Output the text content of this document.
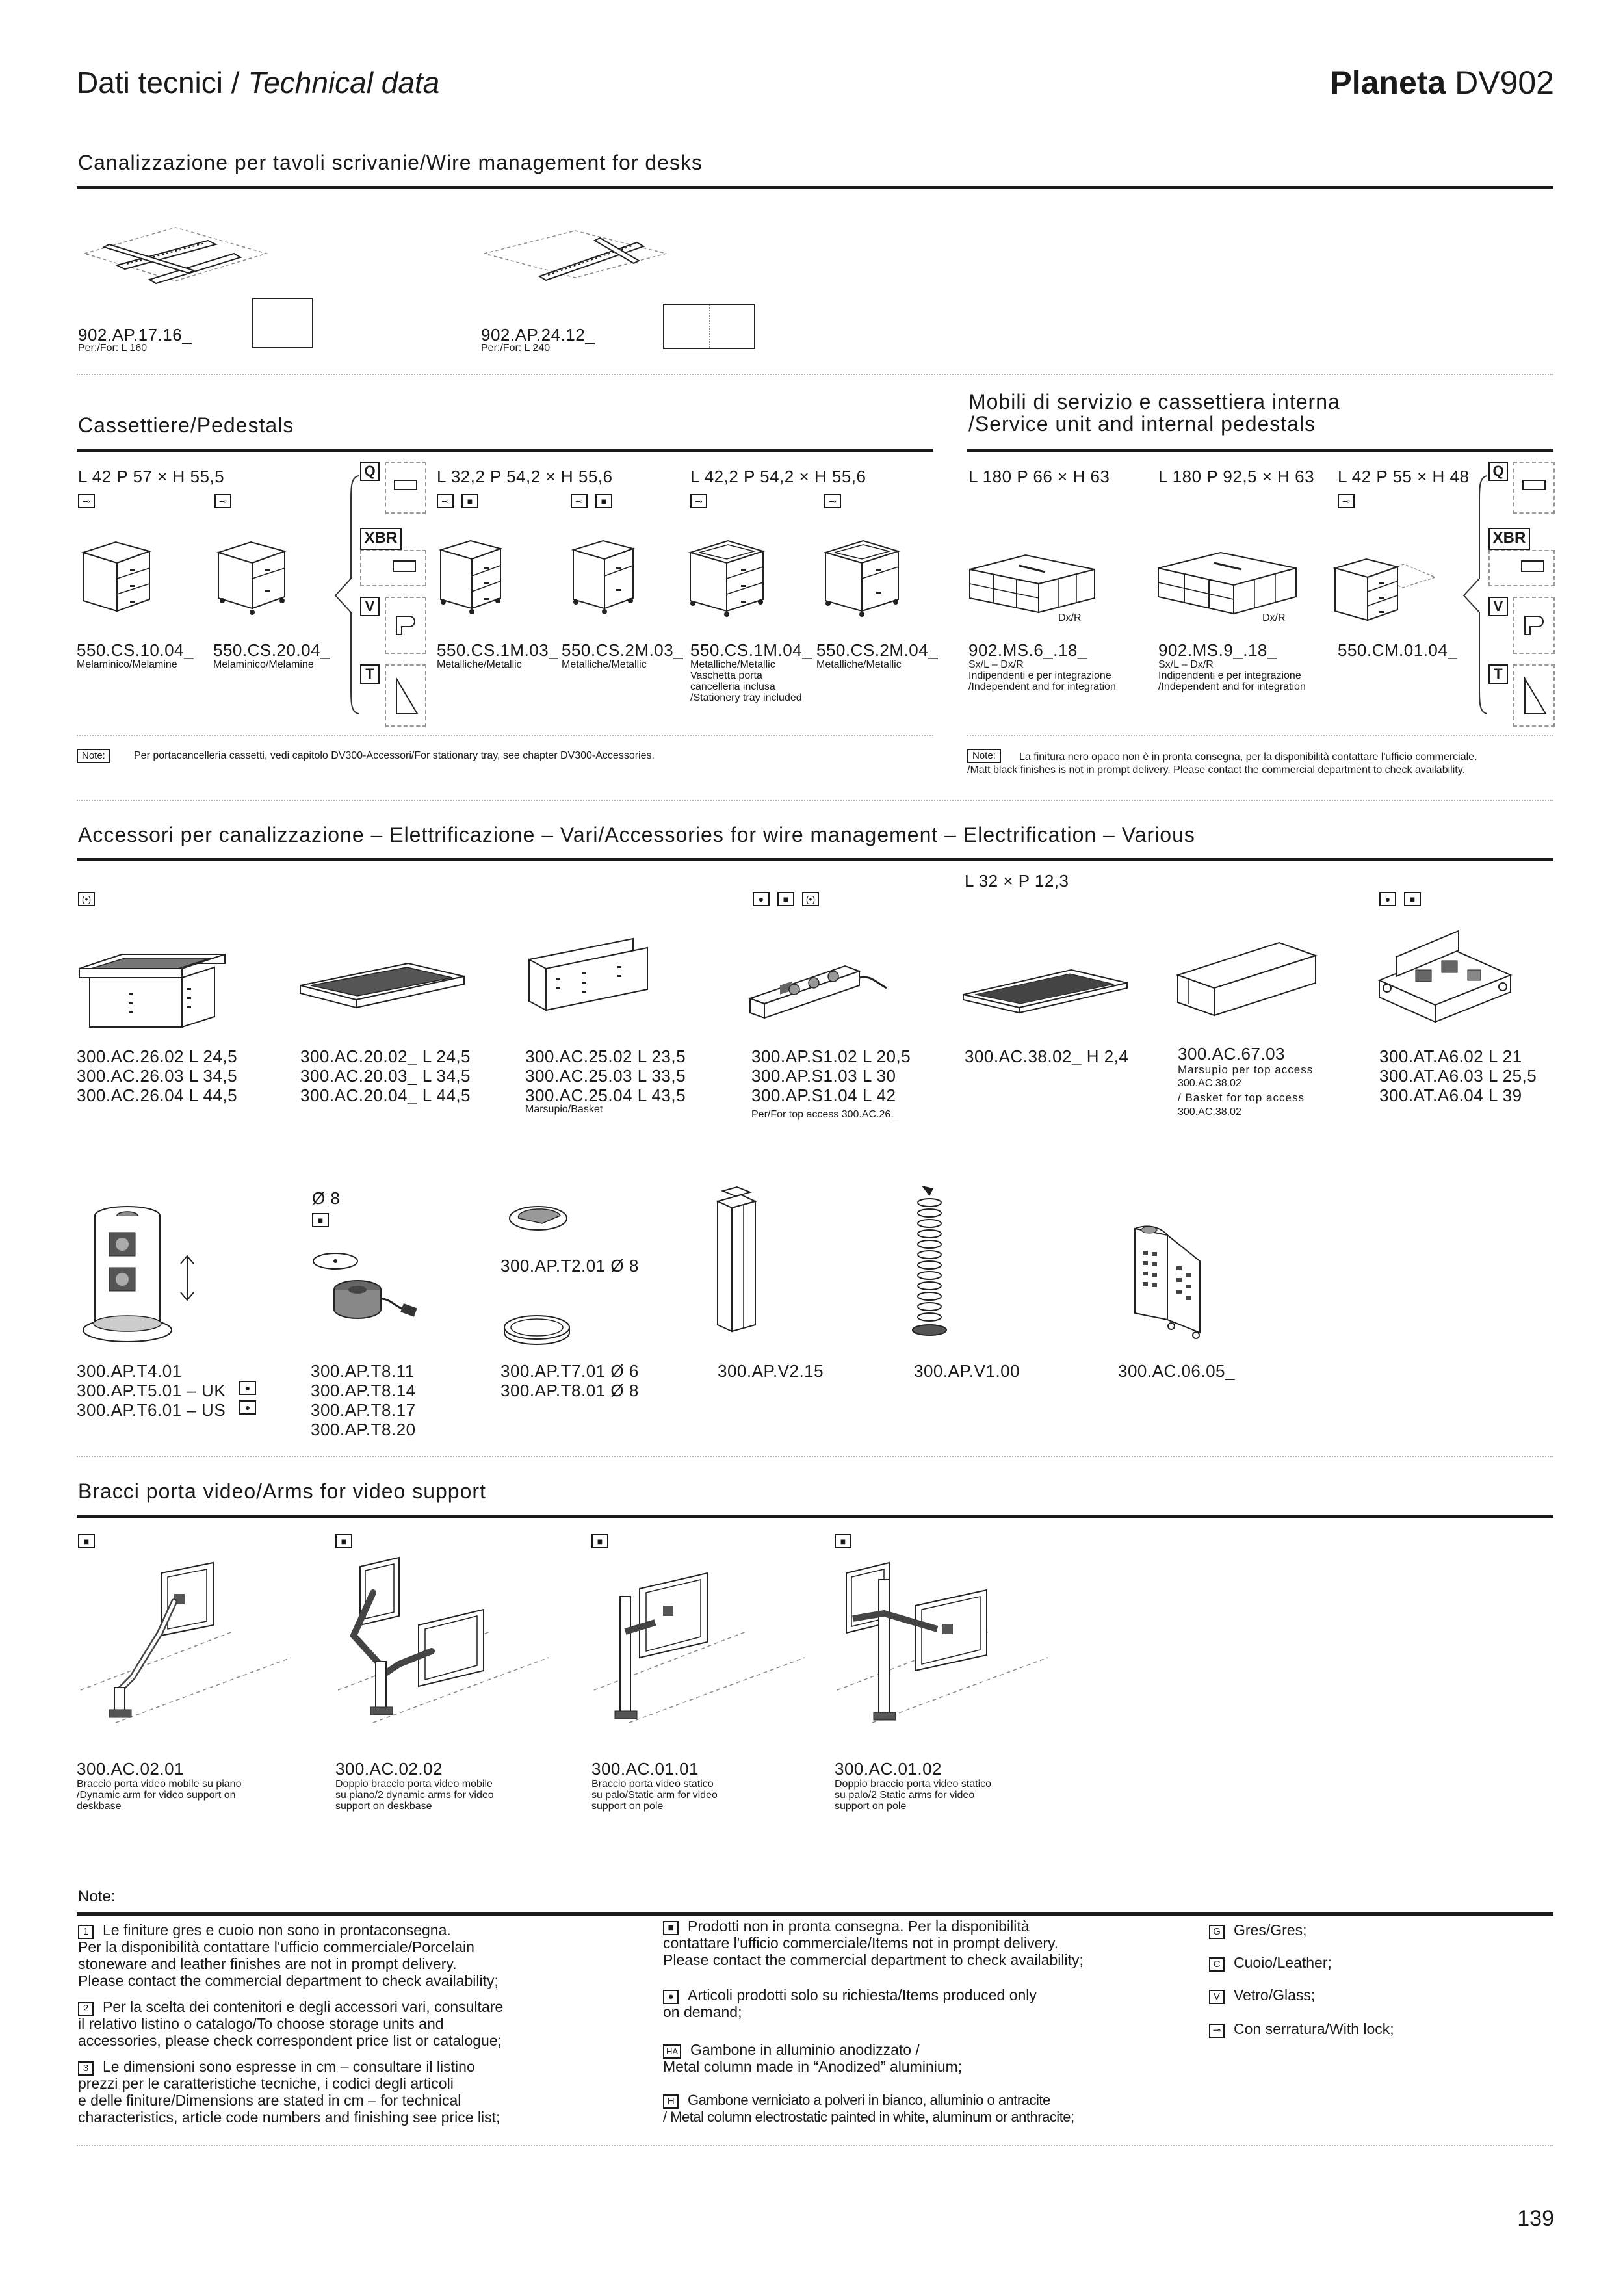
Dati tecnici / Technical data	Planeta DV902
Canalizzazione per tavoli scrivanie/Wire management for desks
902.AP.17.16_
Per:/For: L 160
902.AP.24.12_
Per:/For: L 240
Cassettiere/Pedestals
L 42 P 57 × H 55,5	L 32,2 P 54,2 × H 55,6	L 42,2 P 54,2 × H 55,6
⊸	⊸	⊸	■	⊸	■	⊸	⊸
Q
XBR
V
T
550.CS.10.04_
Melaminico/Melamine
550.CS.20.04_
Melaminico/Melamine
550.CS.1M.03_
Metalliche/Metallic
550.CS.2M.03_
Metalliche/Metallic
550.CS.1M.04_
Metalliche/Metallic
Vaschetta porta
cancelleria inclusa
/Stationery tray included
550.CS.2M.04_
Metalliche/Metallic
Note:	Per portacancelleria cassetti, vedi capitolo DV300-Accessori/For stationary tray, see chapter DV300-Accessories.
Mobili di servizio e cassettiera interna
/Service unit and internal pedestals
L 180 P 66 × H 63	L 180 P 92,5 × H 63 L 42 P 55 × H 48
⊸
Q
XBR
V
T
Dx/R	Dx/R
902.MS.6_.18_
Sx/L – Dx/R
Indipendenti e per integrazione
/Independent and for integration
902.MS.9_.18_
Sx/L – Dx/R
Indipendenti e per integrazione
/Independent and for integration
550.CM.01.04_
Note:	La finitura nero opaco non è in pronta consegna, per la disponibilità contattare l'ufficio commerciale.
/Matt black finishes is not in prompt delivery. Please contact the commercial department to check availability.
Accessori per canalizzazione – Elettrificazione – Vari/Accessories for wire management – Electrification – Various
L 32 × P 12,3
(•)	●	■	(•)	●	■
300.AC.26.02 L 24,5
300.AC.26.03 L 34,5
300.AC.26.04 L 44,5
300.AC.20.02_ L 24,5
300.AC.20.03_ L 34,5
300.AC.20.04_ L 44,5
300.AC.25.02 L 23,5
300.AC.25.03 L 33,5
300.AC.25.04 L 43,5
Marsupio/Basket
300.AP.S1.02 L 20,5
300.AP.S1.03 L 30
300.AP.S1.04 L 42
Per/For top access 300.AC.26._
300.AC.38.02_ H 2,4	300.AC.67.03
Marsupio per top access
300.AC.38.02
/ Basket for top access
300.AC.38.02
300.AT.A6.02 L 21
300.AT.A6.03 L 25,5
300.AT.A6.04 L 39
Ø 8
■
300.AP.T2.01 Ø 8
300.AP.T4.01
300.AP.T5.01 – UK	●
300.AP.T6.01 – US	●
300.AP.T8.11
300.AP.T8.14
300.AP.T8.17
300.AP.T8.20
300.AP.T7.01 Ø 6
300.AP.T8.01 Ø 8
300.AP.V2.15	300.AP.V1.00	300.AC.06.05_
Bracci porta video/Arms for video support
■	■	■	■
300.AC.02.01
Braccio porta video mobile su piano
/Dynamic arm for video support on
deskbase
300.AC.02.02
Doppio braccio porta video mobile
su piano/2 dynamic arms for video
support on deskbase
300.AC.01.01
Braccio porta video statico
su palo/Static arm for video
support on pole
300.AC.01.02
Doppio braccio porta video statico
su palo/2 Static arms for video
support on pole
Note:
1 Le finiture gres e cuoio non sono in prontaconsegna.
Per la disponibilità contattare l'ufficio commerciale/Porcelain
stoneware and leather finishes are not in prompt delivery.
Please contact the commercial department to check availability;
2 Per la scelta dei contenitori e degli accessori vari, consultare
il relativo listino o catalogo/To choose storage units and
accessories, please check correspondent price list or catalogue;
3 Le dimensioni sono espresse in cm – consultare il listino
prezzi per le caratteristiche tecniche, i codici degli articoli
e delle finiture/Dimensions are stated in cm – for technical
characteristics, article code numbers and finishing see price list;
■ Prodotti non in pronta consegna. Per la disponibilità
contattare l'ufficio commerciale/Items not in prompt delivery.
Please contact the commercial department to check availability;
● Articoli prodotti solo su richiesta/Items produced only
on demand;
HA Gambone in alluminio anodizzato /
Metal column made in “Anodized” aluminium;
H Gambone verniciato a polveri in bianco, alluminio o antracite
/ Metal column electrostatic painted in white, aluminum or anthracite;
G Gres/Gres;
C Cuoio/Leather;
V Vetro/Glass;
⊸ Con serratura/With lock;
139
